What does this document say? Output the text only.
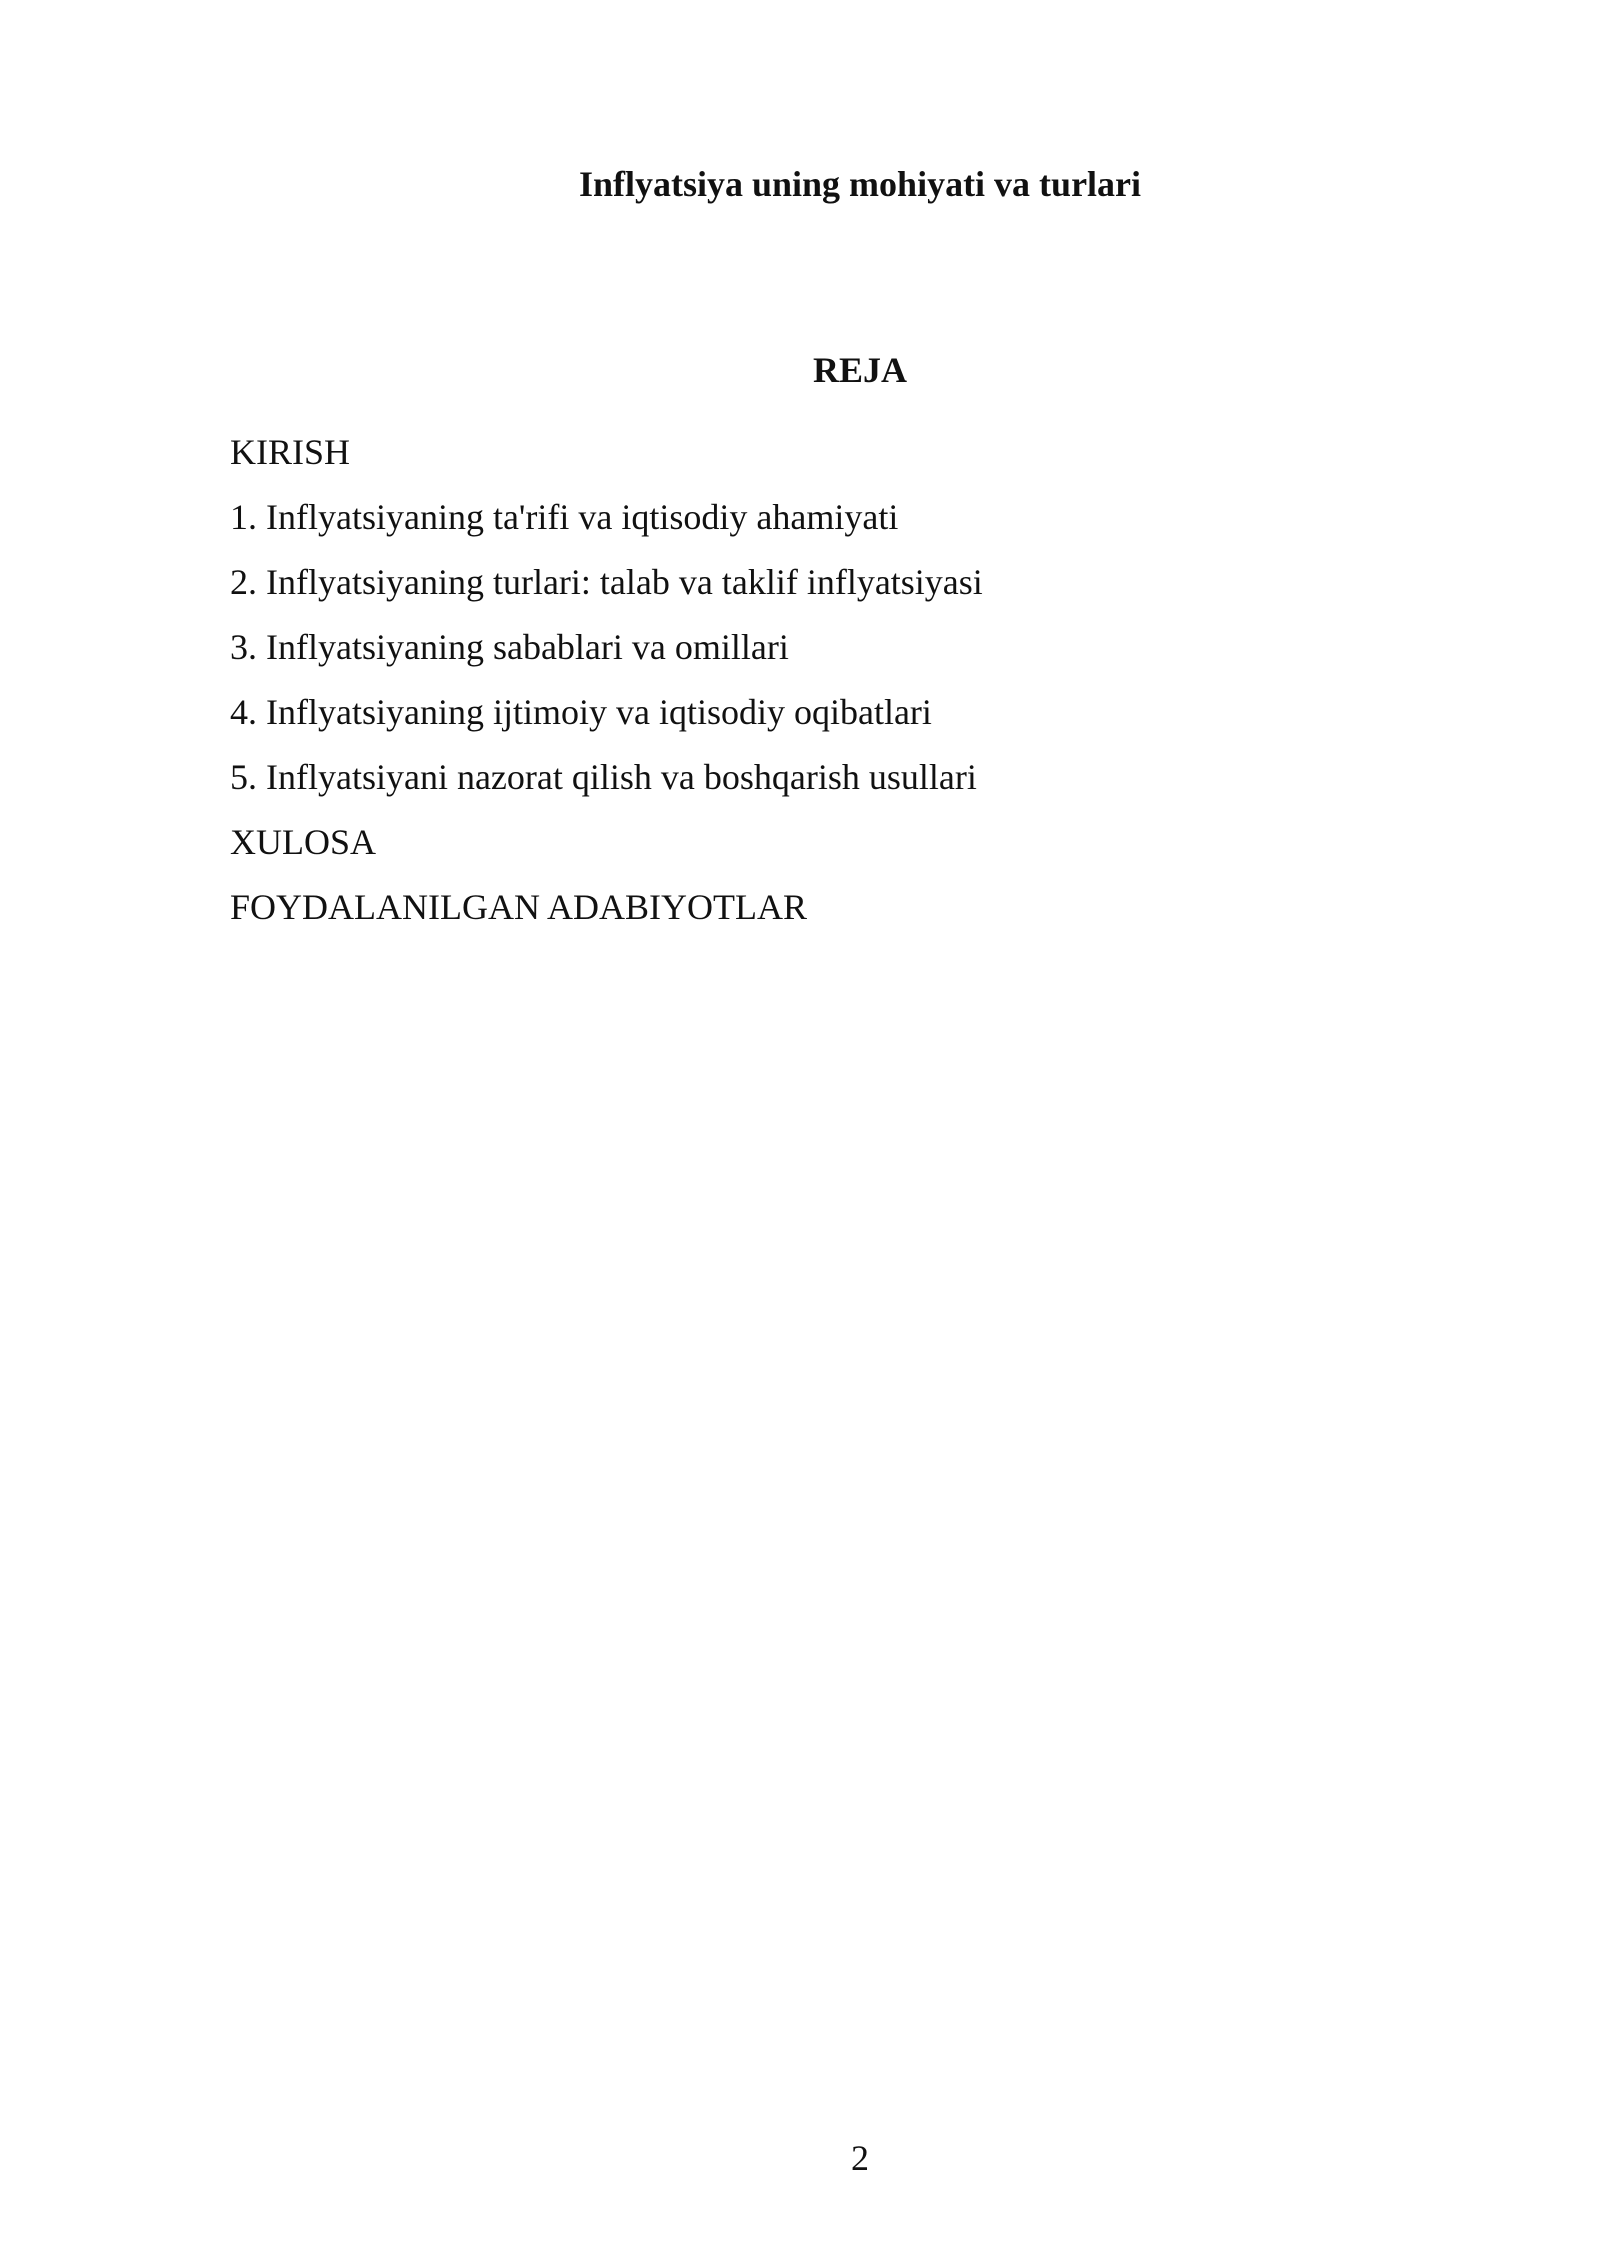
Inflyatsiya uning mohiyati va turlari
REJA
KIRISH
1. Inflyatsiyaning ta'rifi va iqtisodiy ahamiyati
2. Inflyatsiyaning turlari: talab va taklif inflyatsiyasi
3. Inflyatsiyaning sabablari va omillari
4. Inflyatsiyaning ijtimoiy va iqtisodiy oqibatlari
5. Inflyatsiyani nazorat qilish va boshqarish usullari
XULOSA
FOYDALANILGAN ADABIYOTLAR
2
